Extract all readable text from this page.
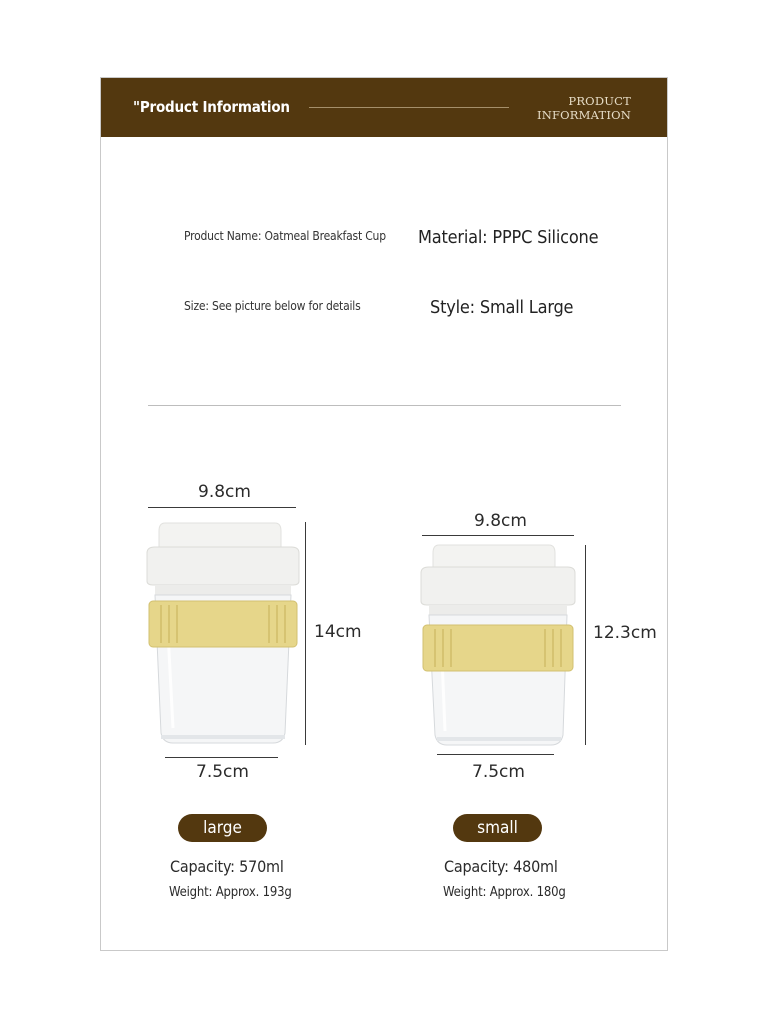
"Product Information	PRODUCT
INFORMATION
Product Name: Oatmeal Breakfast Cup Material: PPPC Silicone
Size: See picture below for details	Style: Small Large
9.8cm
14cm
7.5cm
large
Capacity: 570ml
Weight: Approx. 193g
9.8cm
12.3cm
7.5cm
small
Capacity: 480ml
Weight: Approx. 180g
